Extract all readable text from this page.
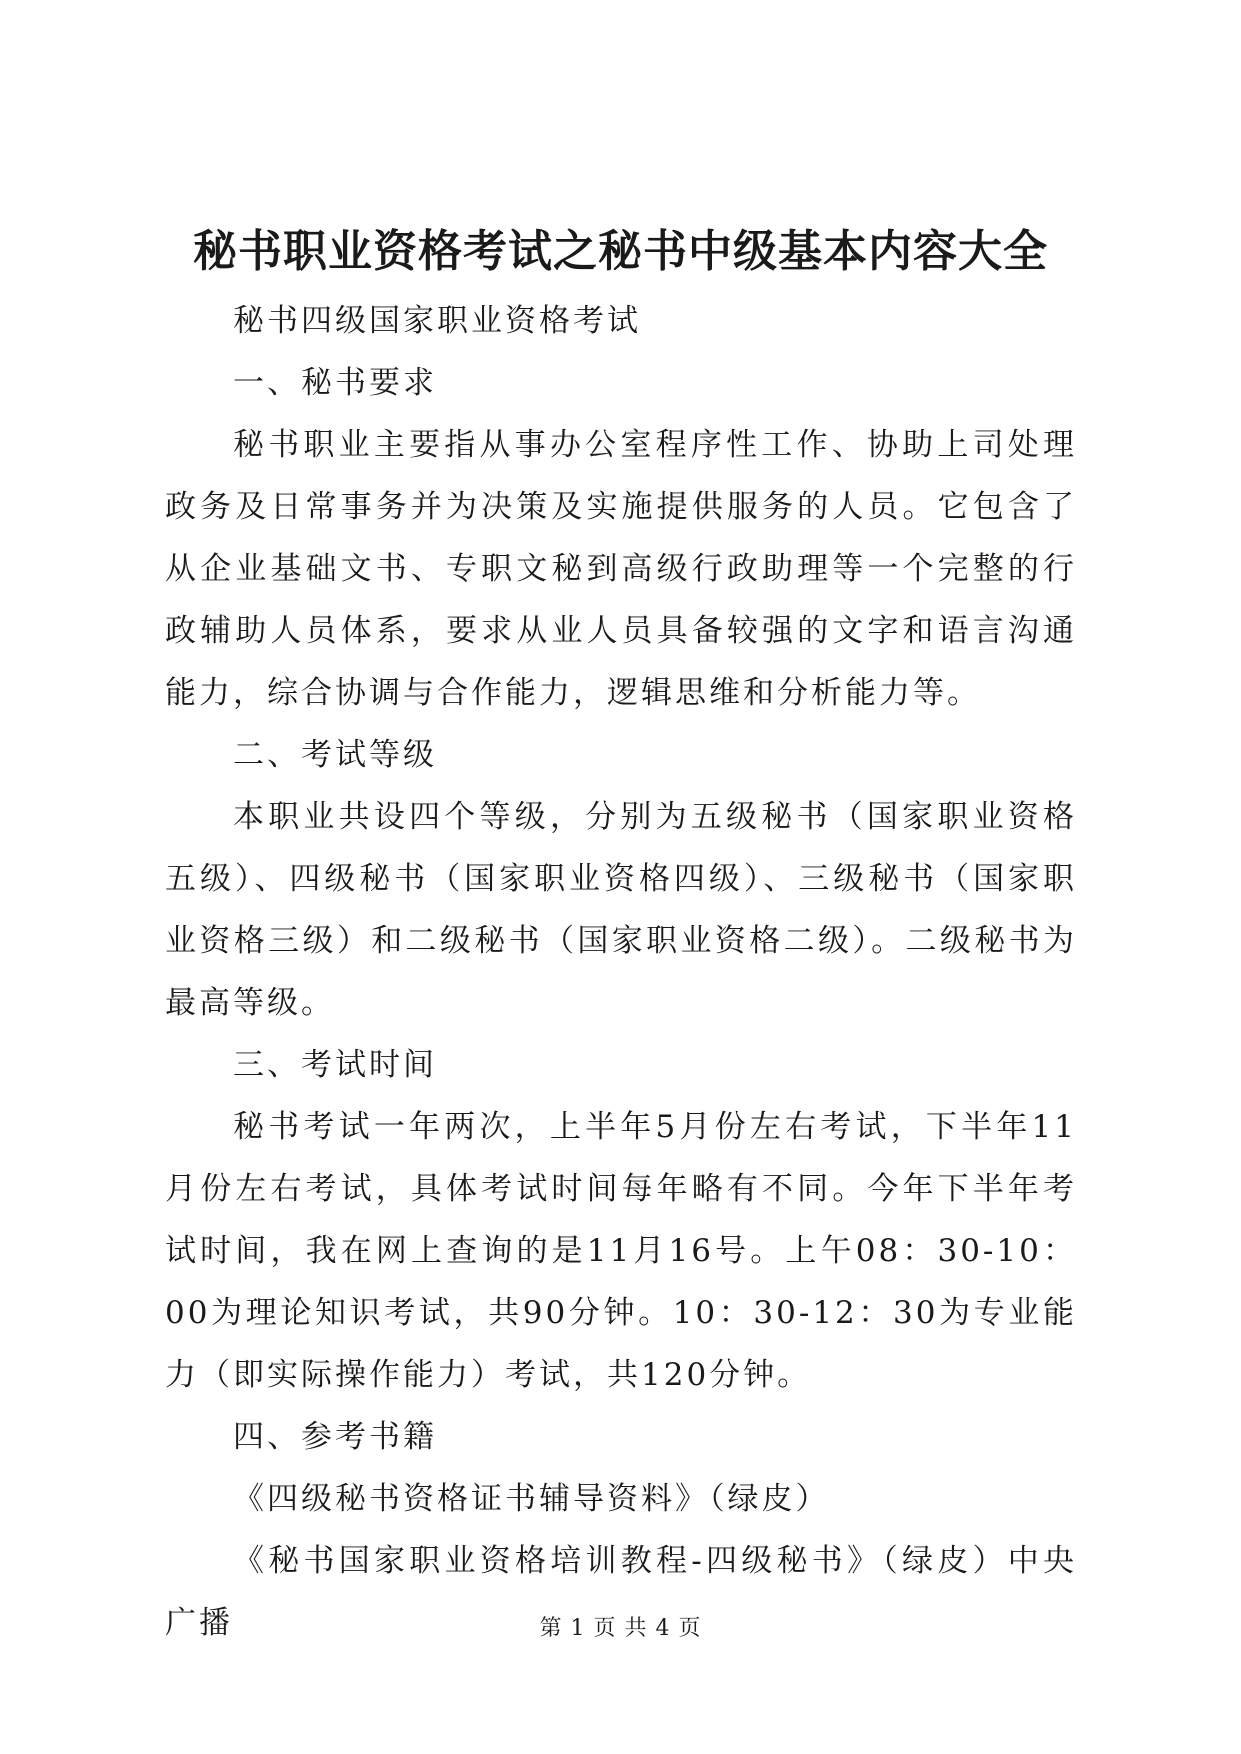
秘书职业资格考试之秘书中级基本内容大全

秘书四级国家职业资格考试

一、秘书要求

秘书职业主要指从事办公室程序性工作、协助上司处理政务及日常事务并为决策及实施提供服务的人员。它包含了从企业基础文书、专职文秘到高级行政助理等一个完整的行政辅助人员体系，要求从业人员具备较强的文字和语言沟通能力，综合协调与合作能力，逻辑思维和分析能力等。

二、考试等级

本职业共设四个等级，分别为五级秘书（国家职业资格五级）、四级秘书（国家职业资格四级）、三级秘书（国家职业资格三级）和二级秘书（国家职业资格二级）。二级秘书为最高等级。

三、考试时间

秘书考试一年两次，上半年5月份左右考试，下半年11月份左右考试，具体考试时间每年略有不同。今年下半年考试时间，我在网上查询的是11月16号。上午08：30-10：00为理论知识考试，共90分钟。10：30-12：30为专业能力（即实际操作能力）考试，共120分钟。

四、参考书籍

《四级秘书资格证书辅导资料》（绿皮）

《秘书国家职业资格培训教程-四级秘书》（绿皮）中央广播	第 1 页 共 4 页
